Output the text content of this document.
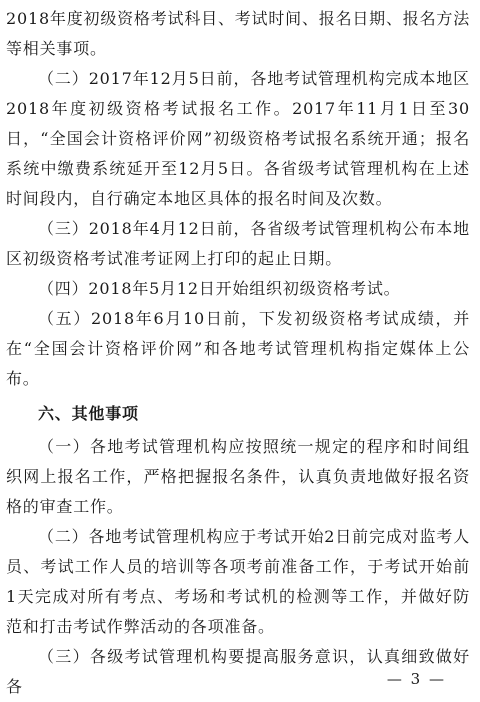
2018年度初级资格考试科目、考试时间、报名日期、报名方法等相关事项。

（二）2017年12月5日前，各地考试管理机构完成本地区2018年度初级资格考试报名工作。2017年11月1日至30日，“全国会计资格评价网”初级资格考试报名系统开通；报名系统中缴费系统延开至12月5日。各省级考试管理机构在上述时间段内，自行确定本地区具体的报名时间及次数。

（三）2018年4月12日前，各省级考试管理机构公布本地区初级资格考试准考证网上打印的起止日期。

（四）2018年5月12日开始组织初级资格考试。

（五）2018年6月10日前，下发初级资格考试成绩，并在“全国会计资格评价网”和各地考试管理机构指定媒体上公布。

六、其他事项

（一）各地考试管理机构应按照统一规定的程序和时间组织网上报名工作，严格把握报名条件，认真负责地做好报名资格的审查工作。

（二）各地考试管理机构应于考试开始2日前完成对监考人员、考试工作人员的培训等各项考前准备工作，于考试开始前1天完成对所有考点、考场和考试机的检测等工作，并做好防范和打击考试作弊活动的各项准备。

（三）各级考试管理机构要提高服务意识，认真细致做好各	— 3 —
